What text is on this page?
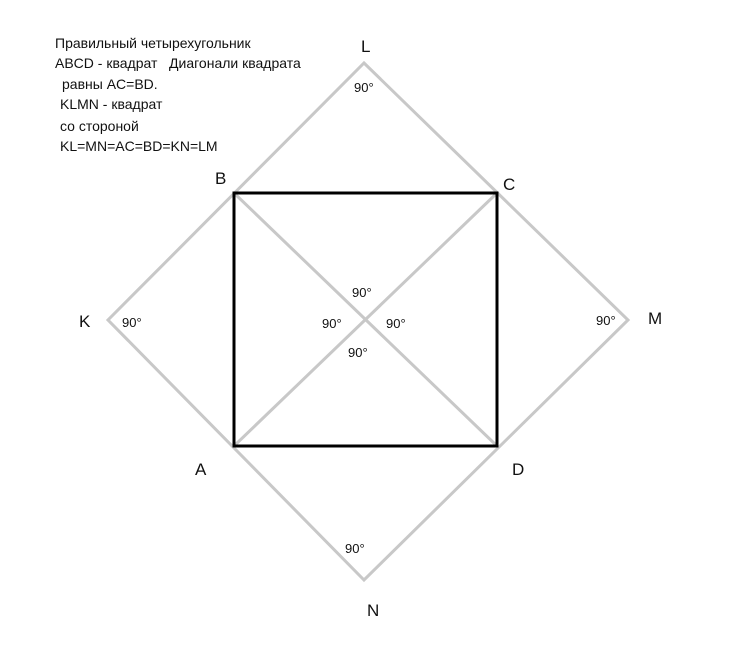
Правильный четырехугольник
ABCD - квадрат   Диагонали квадрата
равны AC=BD.
KLMN - квадрат
со стороной
KL=MN=AC=BD=KN=LM
L
B	C
K	M
A	D
N
90°
90°	90°
90°
90°
90°	90°
90°
